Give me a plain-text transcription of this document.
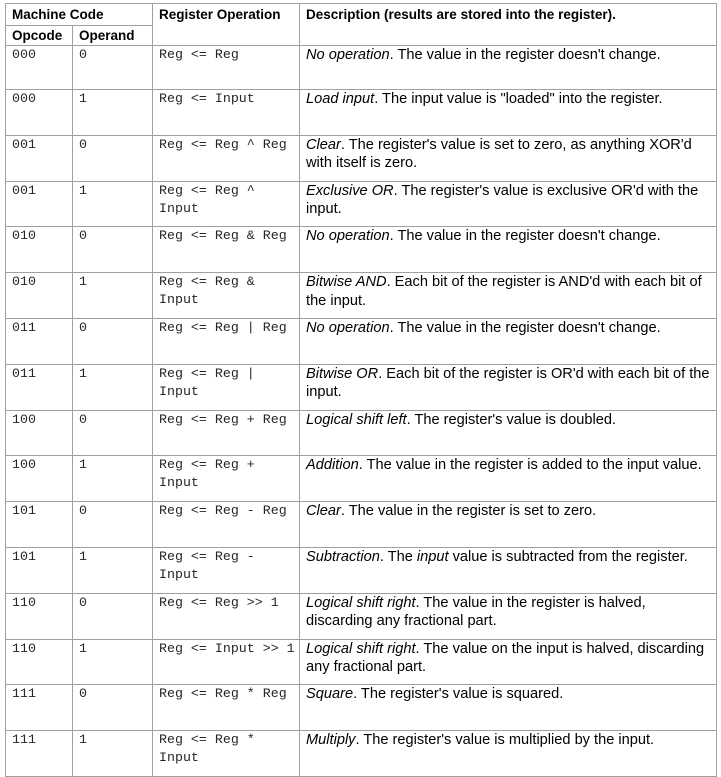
Machine Code		Register Operation	Description (results are stored into the register).
Opcode	Operand		
000	0	Reg <= Reg	No operation. The value in the register doesn't change.
000	1	Reg <= Input	Load input. The input value is "loaded" into the register.
001	0	Reg <= Reg ^ Reg	Clear. The register's value is set to zero, as anything XOR'd with itself is zero.
001	1	Reg <= Reg ^ Input	Exclusive OR. The register's value is exclusive OR'd with the input.
010	0	Reg <= Reg & Reg	No operation. The value in the register doesn't change.
010	1	Reg <= Reg & Input	Bitwise AND. Each bit of the register is AND'd with each bit of the input.
011	0	Reg <= Reg | Reg	No operation. The value in the register doesn't change.
011	1	Reg <= Reg | Input	Bitwise OR. Each bit of the register is OR'd with each bit of the input.
100	0	Reg <= Reg + Reg	Logical shift left. The register's value is doubled.
100	1	Reg <= Reg + Input	Addition. The value in the register is added to the input value.
101	0	Reg <= Reg - Reg	Clear. The value in the register is set to zero.
101	1	Reg <= Reg - Input	Subtraction. The input value is subtracted from the register.
110	0	Reg <= Reg >> 1	Logical shift right. The value in the register is halved, discarding any fractional part.
110	1	Reg <= Input >> 1	Logical shift right. The value on the input is halved, discarding any fractional part.
111	0	Reg <= Reg * Reg	Square. The register's value is squared.
111	1	Reg <= Reg * Input	Multiply. The register's value is multiplied by the input.
